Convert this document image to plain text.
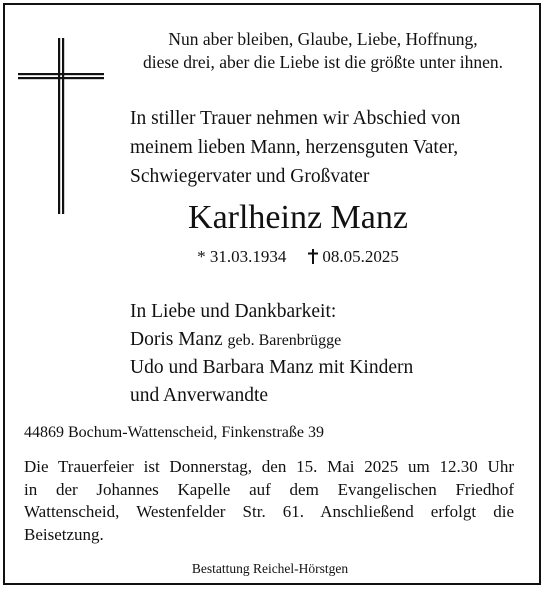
Nun aber bleiben, Glaube, Liebe, Hoffnung,
diese drei, aber die Liebe ist die größte unter ihnen.
In stiller Trauer nehmen wir Abschied von
meinem lieben Mann, herzensguten Vater,
Schwiegervater und Großvater
Karlheinz Manz
* 31.03.1934 08.05.2025
In Liebe und Dankbarkeit:
Doris Manz geb. Barenbrügge
Udo und Barbara Manz mit Kindern
und Anverwandte
44869 Bochum-Wattenscheid, Finkenstraße 39
Die Trauerfeier ist Donnerstag, den 15. Mai 2025 um 12.30 Uhr
in der Johannes Kapelle auf dem Evangelischen Friedhof
Wattenscheid, Westenfelder Str. 61. Anschließend erfolgt die
Beisetzung.
Bestattung Reichel-Hörstgen
